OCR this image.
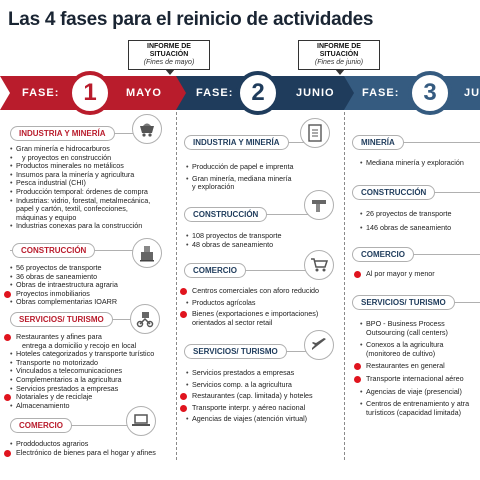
Las 4 fases para el reinicio de actividades
INFORME DE SITUACIÓN
(Fines de mayo)
INFORME DE SITUACIÓN
(Fines de junio)
FASE: 1	MAYO	FASE: 2	JUNIO FASE: 3	JU
INDUSTRIA Y MINERÍA
• Gran minería e hidrocarburos
• y proyectos en construcción
• Productos minerales no metálicos
• Insumos para la minería y agricultura
• Pesca industrial (CHI)
• Producción temporal: órdenes de compra
• Industrias: vidrio, forestal, metalmecánica,
papel y cartón, textil, confecciones,
máquinas y equipo
• Industrias conexas para la construcción
CONSTRUCCIÓN
• 56 proyectos de transporte
• 36 obras de saneamiento
• Obras de intraestructura agraria
Proyectos inmobiliarios
• Obras complementarias IOARR
SERVICIOS/ TURISMO
Restaurantes y afines para
entrega a domicilio y recojo en local
• Hoteles categorizados y transporte turístico
• Transporte no motorizado
• Vinculados a telecomunicaciones
• Complementarios a la agricultura
• Servicios prestados a empresas
Notariales y de reciclaje
• Almacenamiento
COMERCIO
• Proddoductos agrarios
Electrónico de bienes para el hogar y afines
INDUSTRIA Y MINERÍA
• Producción de papel e imprenta
• Gran minería, mediana minería
y exploración
CONSTRUCCIÓN
• 108 proyectos de transporte
• 48 obras de saneamiento
COMERCIO
Centros comerciales con aforo reducido
• Productos agrícolas
Bienes (exportaciones e importaciones)
orientados al sector retail
SERVICIOS/ TURISMO
• Servicios prestados a empresas
• Servicios comp. a la agricultura
Restaurantes (cap. limitada) y hoteles
Transporte interpr. y aéreo nacional
• Agencias de viajes (atención virtual)
MINERÍA
• Mediana minería y exploración
CONSTRUCCIÓN
• 26 proyectos de transporte
• 146 obras de saneamiento
COMERCIO
Al por mayor y menor
SERVICIOS/ TURISMO
• BPO - Business Process
Outsourcing (call centers)
• Conexos a la agricultura
(monitoreo de cultivo)
Restaurantes en general
Transporte internacional aéreo
• Agencias de viaje (presencial)
• Centros de entrenamiento y atra
turísticos (capacidad limitada)
